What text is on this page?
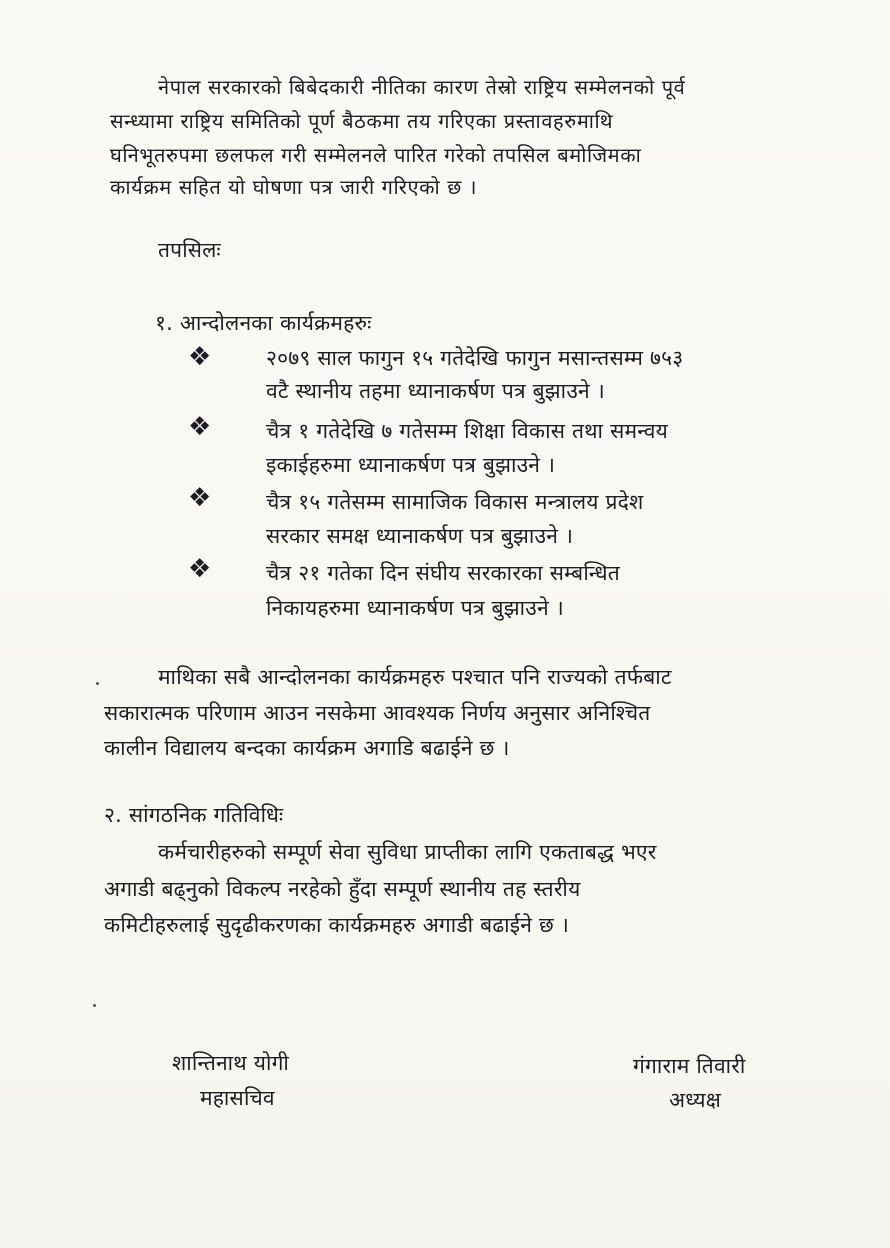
नेपाल सरकारको बिबेदकारी नीतिका कारण तेस्रो राष्ट्रिय सम्मेलनको पूर्व
सन्ध्यामा राष्ट्रिय समितिको पूर्ण बैठकमा तय गरिएका प्रस्तावहरुमाथि
घनिभूतरुपमा छलफल गरी सम्मेलनले पारित गरेको तपसिल बमोजिमका
कार्यक्रम सहित यो घोषणा पत्र जारी गरिएको छ ।
तपसिलः
१. आन्दोलनका कार्यक्रमहरुः
❖	२०७९ साल फागुन १५ गतेदेखि फागुन मसान्तसम्म ७५३
वटै स्थानीय तहमा ध्यानाकर्षण पत्र बुझाउने ।
❖	चैत्र १ गतेदेखि ७ गतेसम्म शिक्षा विकास तथा समन्वय
इकाईहरुमा ध्यानाकर्षण पत्र बुझाउने ।
❖	चैत्र १५ गतेसम्म सामाजिक विकास मन्त्रालय प्रदेश
सरकार समक्ष ध्यानाकर्षण पत्र बुझाउने ।
❖	चैत्र २१ गतेका दिन संघीय सरकारका सम्बन्धित
निकायहरुमा ध्यानाकर्षण पत्र बुझाउने ।
माथिका सबै आन्दोलनका कार्यक्रमहरु पश्चात पनि राज्यको तर्फबाट
सकारात्मक परिणाम आउन नसकेमा आवश्यक निर्णय अनुसार अनिश्चित
कालीन विद्यालय बन्दका कार्यक्रम अगाडि बढाईने छ ।
२. सांगठनिक गतिविधिः
कर्मचारीहरुको सम्पूर्ण सेवा सुविधा प्राप्तीका लागि एकताबद्ध भएर
अगाडी बढ्नुको विकल्प नरहेको हुँदा सम्पूर्ण स्थानीय तह स्तरीय
कमिटीहरुलाई सुदृढीकरणका कार्यक्रमहरु अगाडी बढाईने छ ।
शान्तिनाथ योगी
महासचिव
गंगाराम तिवारी
अध्यक्ष
